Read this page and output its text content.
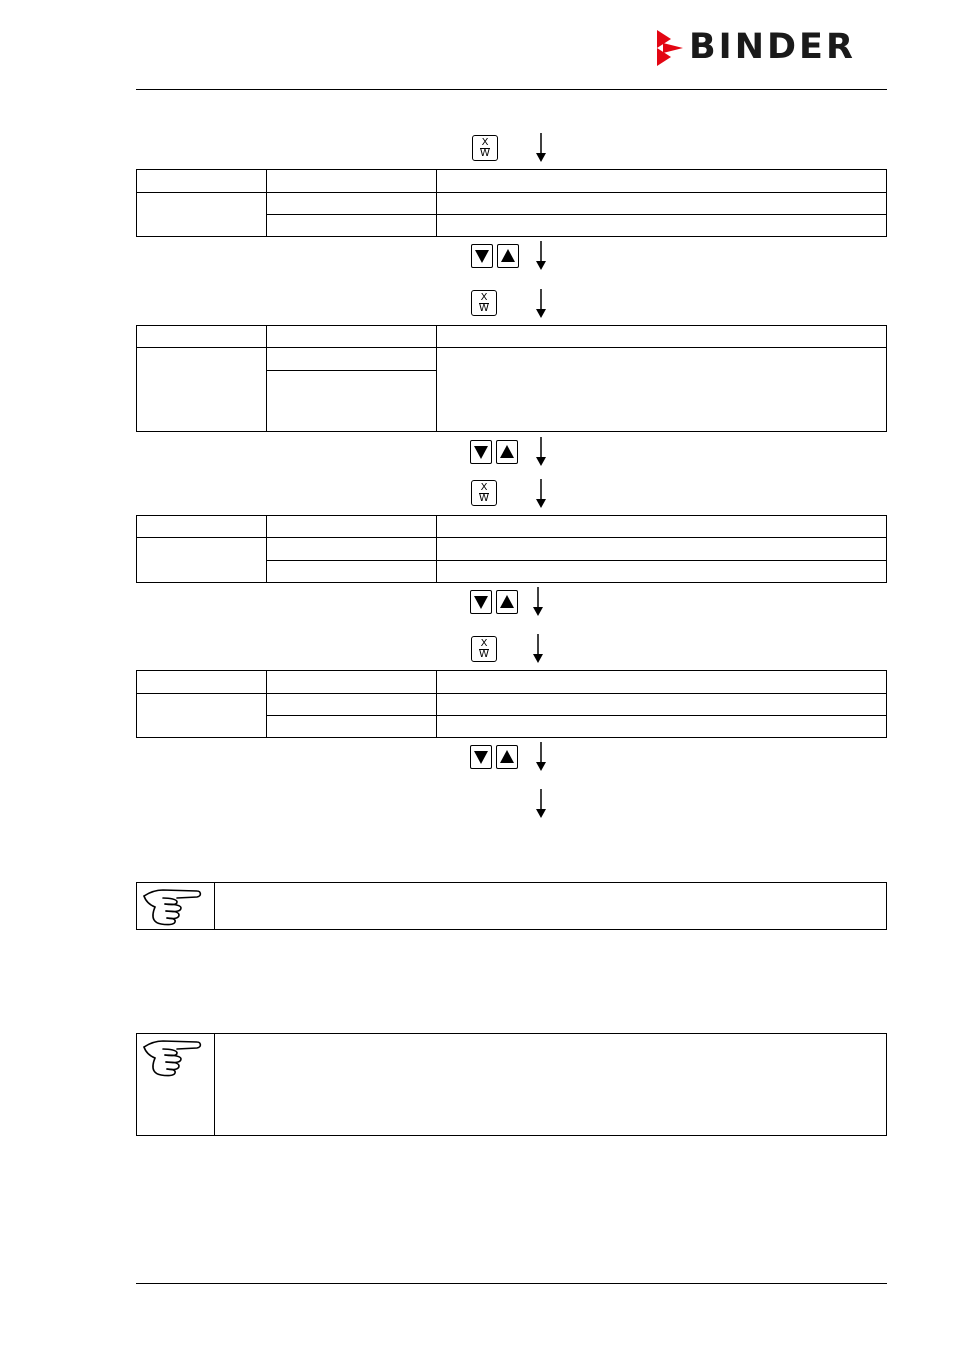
BINDER
X
W

X
W

X
W

X
W
